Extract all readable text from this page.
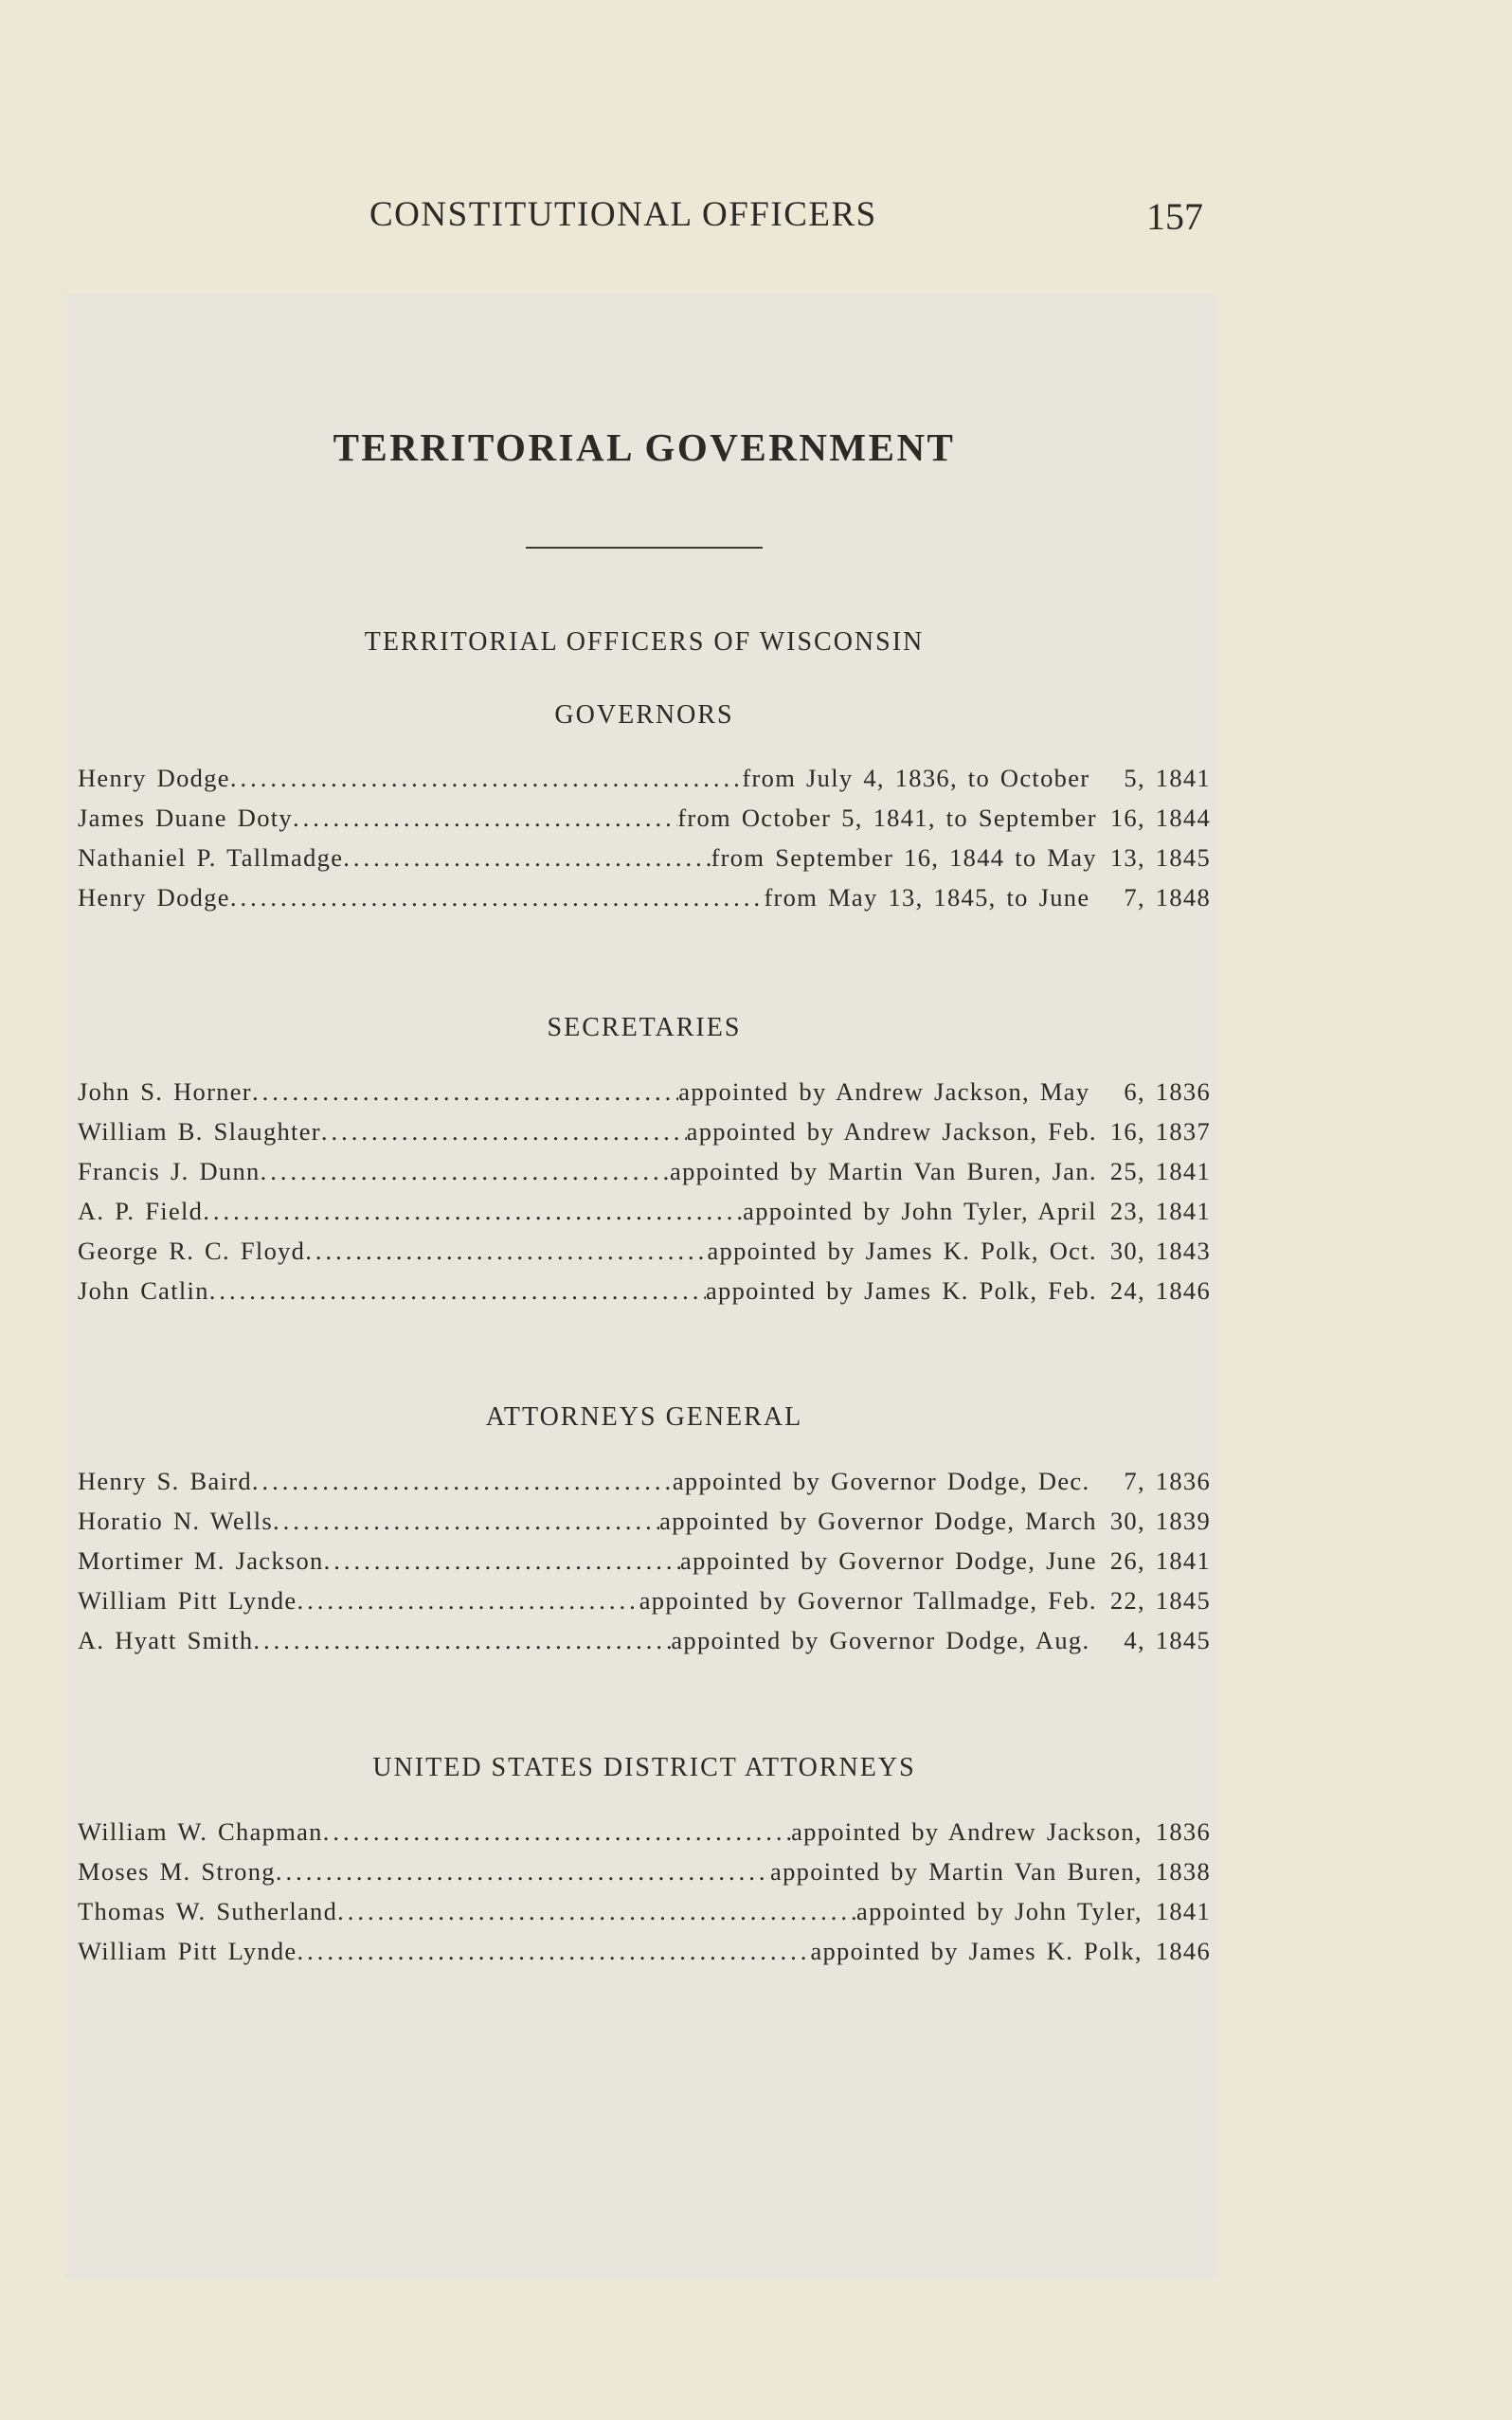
CONSTITUTIONAL OFFICERS	157
TERRITORIAL GOVERNMENT
TERRITORIAL OFFICERS OF WISCONSIN
GOVERNORS
Henry Dodge .....	from July 4, 1836, to October 5, 1841
James Duane Doty .....	from October 5, 1841, to September 16, 1844
Nathaniel P. Tallmadge .....	from September 16, 1844 to May 13, 1845
Henry Dodge .....	from May 13, 1845, to June 7, 1848
SECRETARIES
John S. Horner .....	appointed by Andrew Jackson, May 6, 1836
William B. Slaughter .....	appointed by Andrew Jackson, Feb. 16, 1837
Francis J. Dunn .....	appointed by Martin Van Buren, Jan. 25, 1841
A. P. Field .....	appointed by John Tyler, April 23, 1841
George R. C. Floyd .....	appointed by James K. Polk, Oct. 30, 1843
John Catlin .....	appointed by James K. Polk, Feb. 24, 1846
ATTORNEYS GENERAL
Henry S. Baird .....	appointed by Governor Dodge, Dec. 7, 1836
Horatio N. Wells .....	appointed by Governor Dodge, March 30, 1839
Mortimer M. Jackson .....	appointed by Governor Dodge, June 26, 1841
William Pitt Lynde .....	appointed by Governor Tallmadge, Feb. 22, 1845
A. Hyatt Smith .....	appointed by Governor Dodge, Aug. 4, 1845
UNITED STATES DISTRICT ATTORNEYS
William W. Chapman .....	appointed by Andrew Jackson, 1836
Moses M. Strong .....	appointed by Martin Van Buren, 1838
Thomas W. Sutherland .....	appointed by John Tyler, 1841
William Pitt Lynde .....	appointed by James K. Polk, 1846
